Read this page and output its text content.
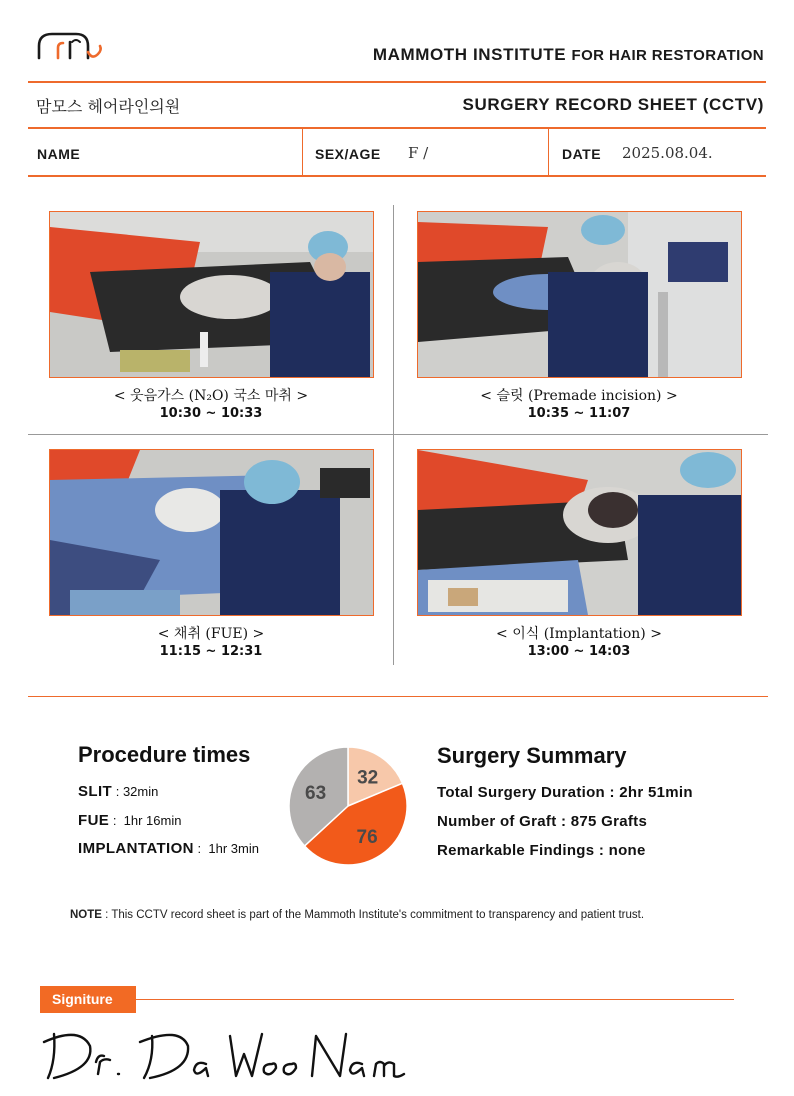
MAMMOTH INSTITUTE FOR HAIR RESTORATION
맘모스 헤어라인의원	SURGERY RECORD SHEET (CCTV)
NAME	SEX/AGE F /	DATE 2025.08.04.
< 웃음가스 (N₂O) 국소 마취 >
10:30 ~ 10:33
< 슬릿 (Premade incision) >
10:35 ~ 11:07
< 채취 (FUE) >
11:15 ~ 12:31
< 이식 (Implantation) >
13:00 ~ 14:03
Procedure times
SLIT : 32min
FUE :  1hr 16min
IMPLANTATION :  1hr 3min
32
76
63
Surgery Summary
Total Surgery Duration : 2hr 51min
Number of Graft : 875 Grafts
Remarkable Findings : none
NOTE : This CCTV record sheet is part of the Mammoth Institute's commitment to transparency and patient trust.
Signiture
